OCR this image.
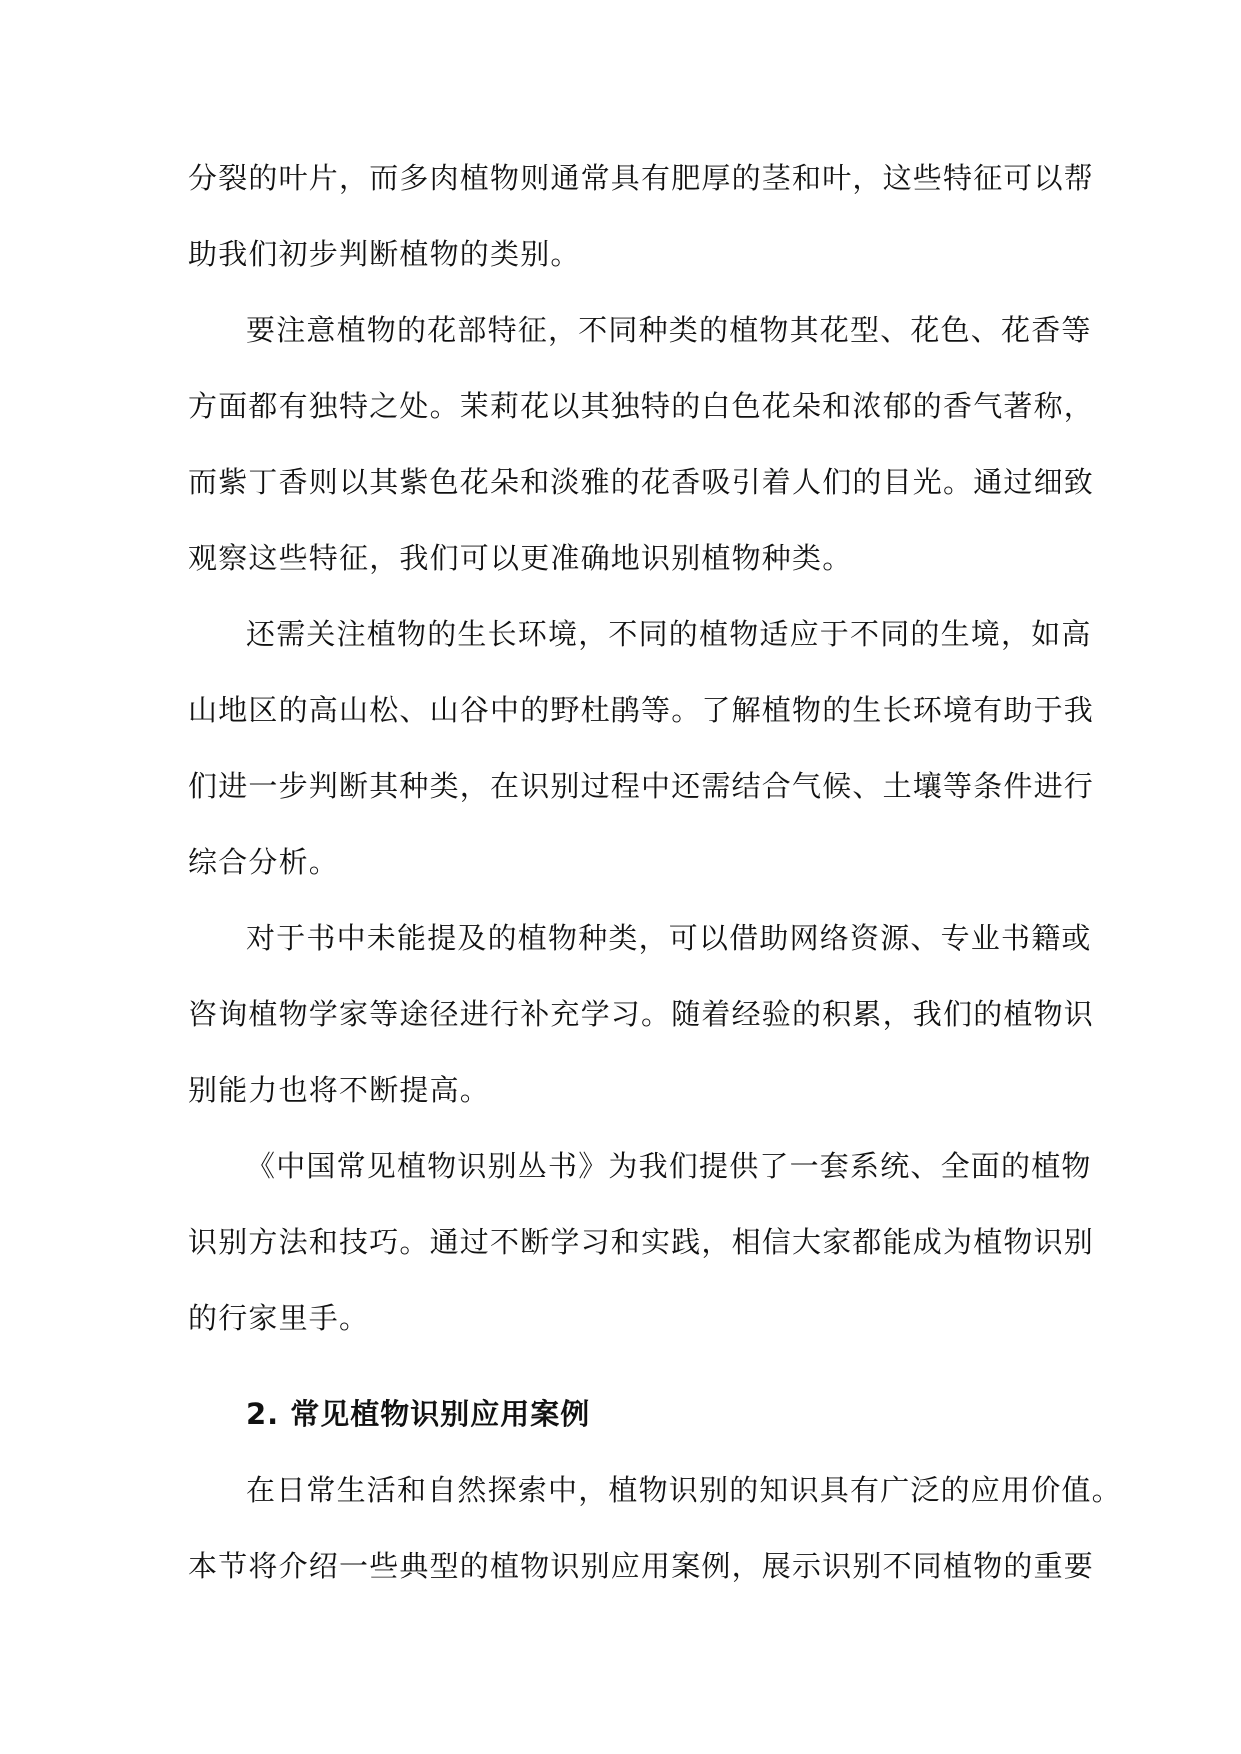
分裂的叶片，而多肉植物则通常具有肥厚的茎和叶，这些特征可以帮
助我们初步判断植物的类别。
要注意植物的花部特征，不同种类的植物其花型、花色、花香等
方面都有独特之处。茉莉花以其独特的白色花朵和浓郁的香气著称，
而紫丁香则以其紫色花朵和淡雅的花香吸引着人们的目光。通过细致
观察这些特征，我们可以更准确地识别植物种类。
还需关注植物的生长环境，不同的植物适应于不同的生境，如高
山地区的高山松、山谷中的野杜鹃等。了解植物的生长环境有助于我
们进一步判断其种类，在识别过程中还需结合气候、土壤等条件进行
综合分析。
对于书中未能提及的植物种类，可以借助网络资源、专业书籍或
咨询植物学家等途径进行补充学习。随着经验的积累，我们的植物识
别能力也将不断提高。
《中国常见植物识别丛书》为我们提供了一套系统、全面的植物
识别方法和技巧。通过不断学习和实践，相信大家都能成为植物识别
的行家里手。
2. 常见植物识别应用案例
在日常生活和自然探索中，植物识别的知识具有广泛的应用价值。
本节将介绍一些典型的植物识别应用案例，展示识别不同植物的重要
